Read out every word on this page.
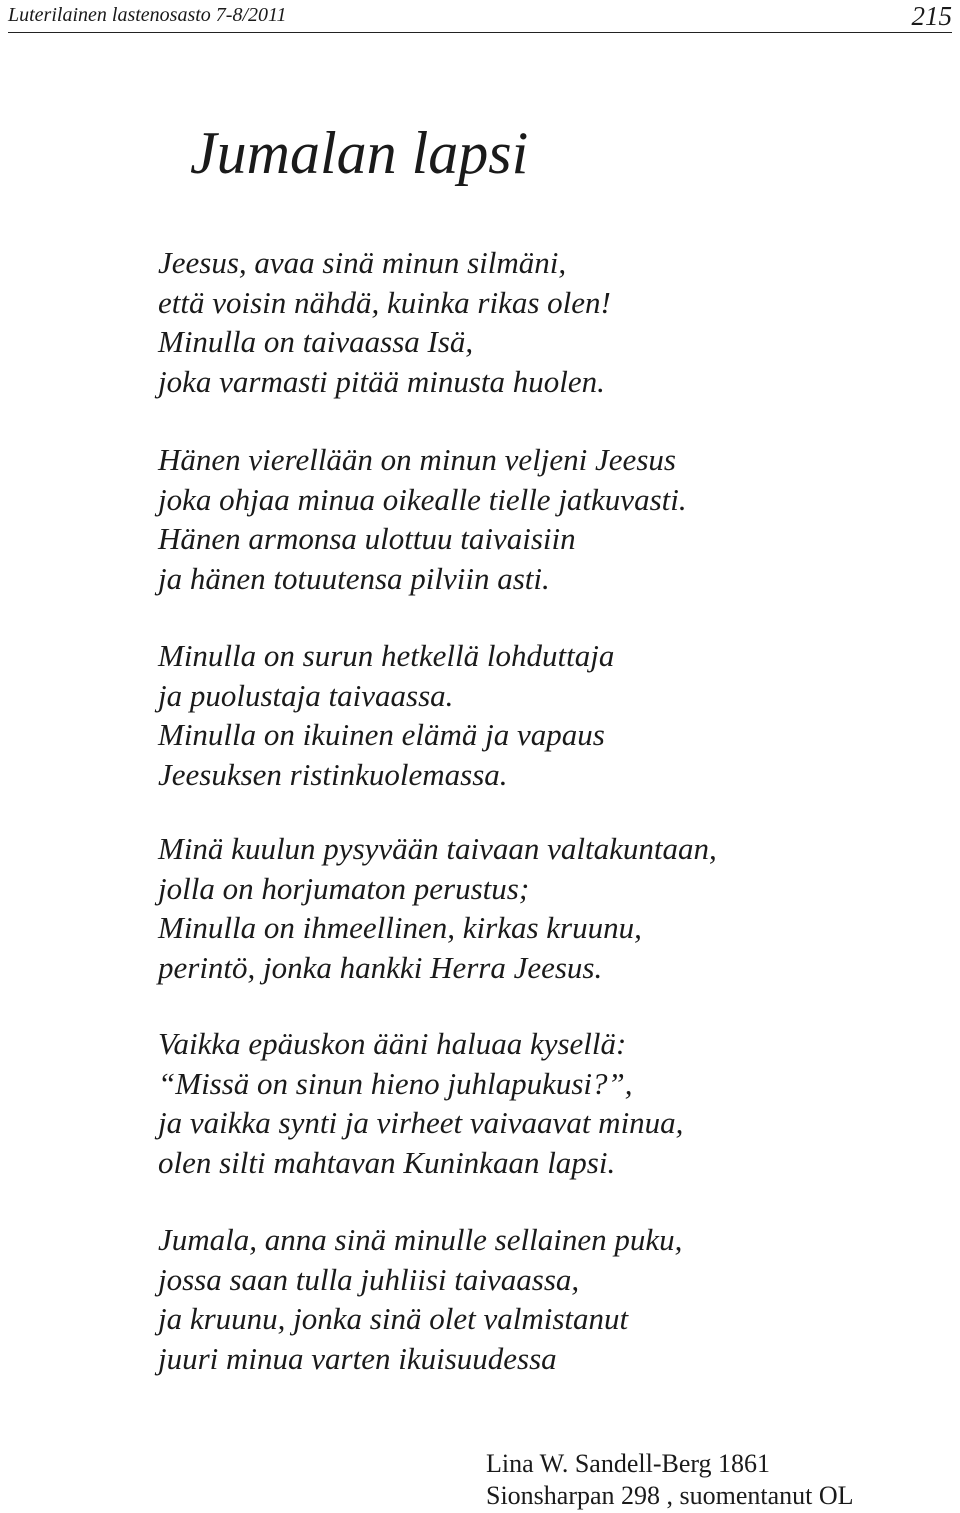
Luterilainen lastenosasto 7-8/2011	215
Jumalan lapsi

Jeesus, avaa sinä minun silmäni,
että voisin nähdä, kuinka rikas olen!
Minulla on taivaassa Isä,
joka varmasti pitää minusta huolen.

Hänen vierellään on minun veljeni Jeesus
joka ohjaa minua oikealle tielle jatkuvasti.
Hänen armonsa ulottuu taivaisiin
ja hänen totuutensa pilviin asti.

Minulla on surun hetkellä lohduttaja
ja puolustaja taivaassa.
Minulla on ikuinen elämä ja vapaus
Jeesuksen ristinkuolemassa.

Minä kuulun pysyvään taivaan valtakuntaan,
jolla on horjumaton perustus;
Minulla on ihmeellinen, kirkas kruunu,
perintö, jonka hankki Herra Jeesus.

Vaikka epäuskon ääni haluaa kysellä:
“Missä on sinun hieno juhlapukusi?”,
ja vaikka synti ja virheet vaivaavat minua,
olen silti mahtavan Kuninkaan lapsi.

Jumala, anna sinä minulle sellainen puku,
jossa saan tulla juhliisi taivaassa,
ja kruunu, jonka sinä olet valmistanut
juuri minua varten ikuisuudessa

Lina W. Sandell-Berg 1861
Sionsharpan 298 , suomentanut OL
